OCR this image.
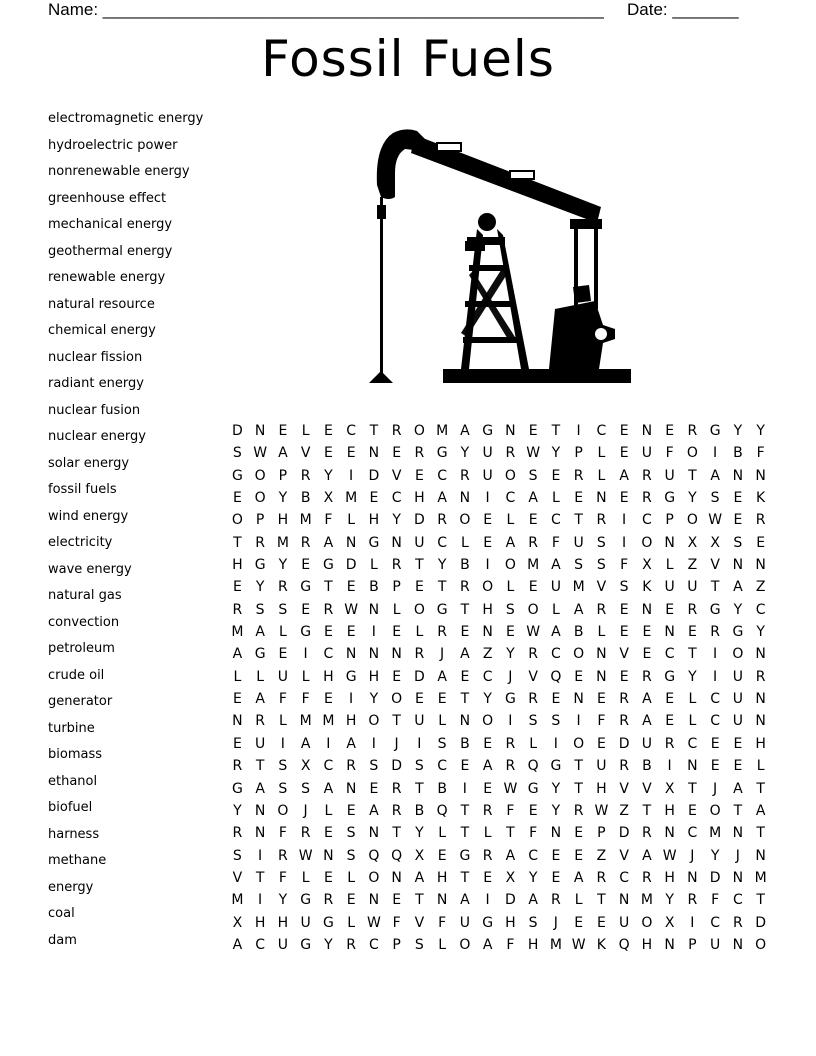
Name: _____________________________________________________ Date: _______
Fossil Fuels
electromagnetic energy
hydroelectric power
nonrenewable energy
greenhouse effect
mechanical energy
geothermal energy
renewable energy
natural resource
chemical energy
nuclear fission
radiant energy
nuclear fusion
nuclear energy
solar energy
fossil fuels
wind energy
electricity
wave energy
natural gas
convection
petroleum
crude oil
generator
turbine
biomass
ethanol
biofuel
harness
methane
energy
coal
dam
D N E	L	E C T R O M A G N E	T	I	C E N E R G Y	Y
S W A V E E N E R G Y U R W Y	P	L	E U F O	I	B F
G O P R Y	I	D V E C R U O S E R L	A R U T A N N
E O Y B X M E C H A N	I	C A	L	E N E R G Y	S E K
O P H M F	L H Y D R O E	L	E C T R	I	C P O W E R
T R M R A N G N U C L	E A R F U S	I	O N X X S E
H G Y	E G D L R T	Y B	I	O M A S S	F X	L	Z V N N
E	Y R G T	E B P	E	T R O L	E U M V S K U U T A Z
R S S E R W N L O G T H S O L	A R E N E R G Y C
M A	L G E E	I	E	L R E N E W A B	L	E E N E R G Y
A G E	I	C N N N R	J	A Z Y R C O N V E C T	I	O N
L	L U L H G H E D A E C	J	V Q E N E R G Y	I	U R
E A F	F	E	I	Y O E E	T	Y G R E N E R A E	L C U N
N R L M M H O T U L N O	I	S S	I	F R A E	L C U N
E U	I	A	I	A	I	J	I	S B E R L	I	O E D U R C E E H
R T	S X C R S D S C E A R Q G T U R B	I	N E E	L
G A S S A N E R T B	I	E W G Y	T H V V X T	J	A T
Y N O	J	L	E A R B Q T R F	E	Y R W Z T H E O T A
R N F R E S N T	Y	L	T	L	T	F N E	P D R N C M N T
S	I	R W N S Q Q X E G R A C E E Z V A W J	Y	J	N
V T	F	L	E	L O N A H T	E X Y	E A R C R H N D N M
M	I	Y G R E N E	T N A	I	D A R L	T N M Y R F C T
X H H U G L W F V F U G H S	J	E E U O X	I	C R D
A C U G Y R C P	S	L O A F H M W K Q H N P U N O
